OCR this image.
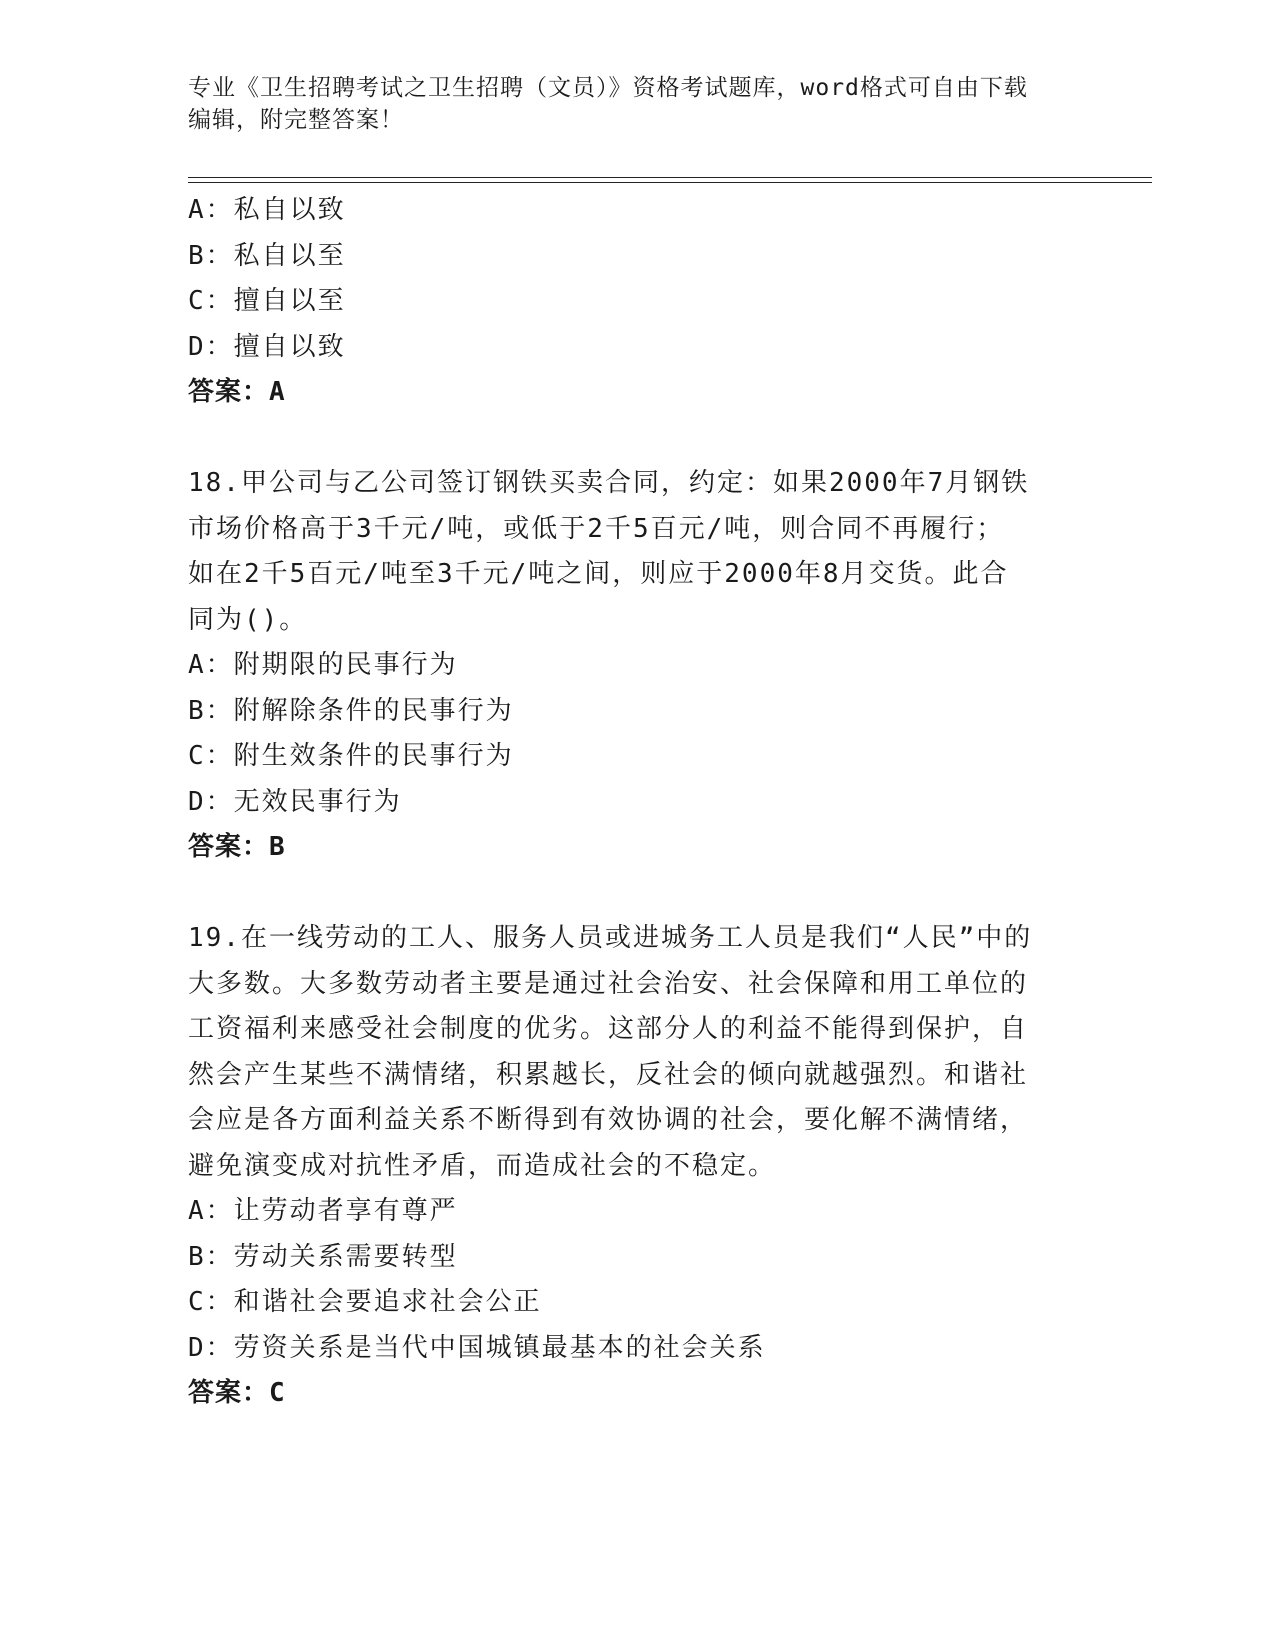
专业《卫生招聘考试之卫生招聘（文员）》资格考试题库，word格式可自由下载
编辑，附完整答案！
A：私自以致
B：私自以至
C：擅自以至
D：擅自以致
答案：A
18.甲公司与乙公司签订钢铁买卖合同，约定：如果2000年7月钢铁
市场价格高于3千元/吨，或低于2千5百元/吨，则合同不再履行；
如在2千5百元/吨至3千元/吨之间，则应于2000年8月交货。此合
同为()。
A：附期限的民事行为
B：附解除条件的民事行为
C：附生效条件的民事行为
D：无效民事行为
答案：B
19.在一线劳动的工人、服务人员或进城务工人员是我们“人民”中的
大多数。大多数劳动者主要是通过社会治安、社会保障和用工单位的
工资福利来感受社会制度的优劣。这部分人的利益不能得到保护，自
然会产生某些不满情绪，积累越长，反社会的倾向就越强烈。和谐社
会应是各方面利益关系不断得到有效协调的社会，要化解不满情绪，
避免演变成对抗性矛盾，而造成社会的不稳定。
A：让劳动者享有尊严
B：劳动关系需要转型
C：和谐社会要追求社会公正
D：劳资关系是当代中国城镇最基本的社会关系
答案：C
